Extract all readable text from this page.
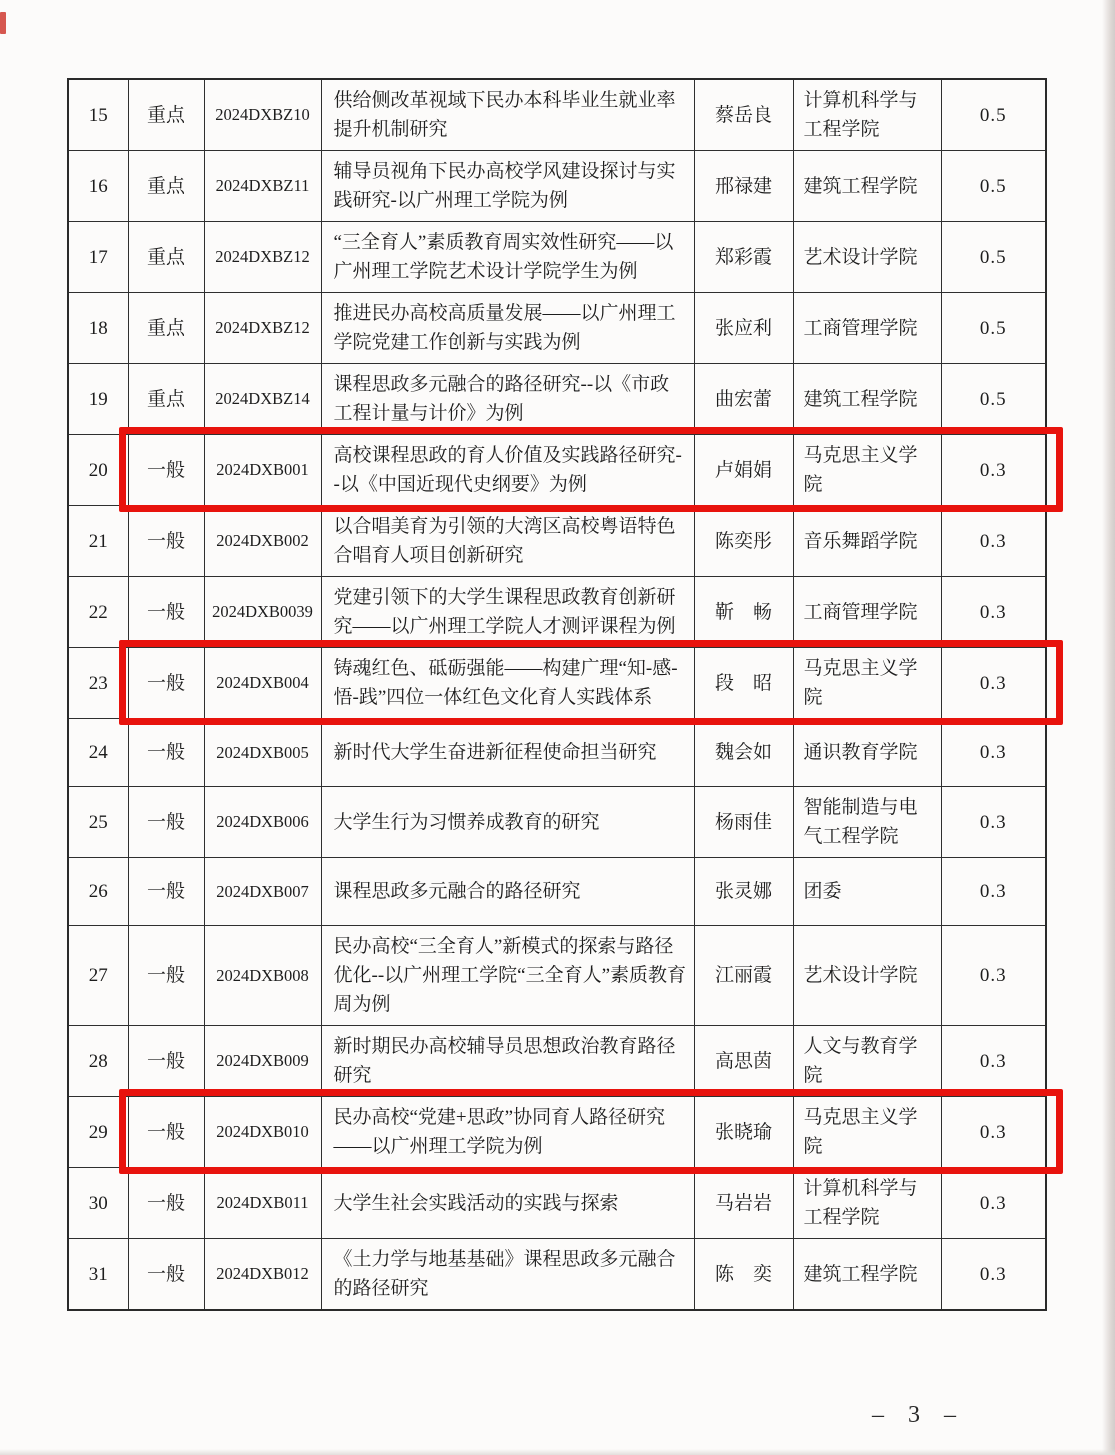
15	重点	2024DXBZ10	供给侧改革视域下民办本科毕业生就业率提升机制研究	蔡岳良	计算机科学与工程学院	0.5
16	重点	2024DXBZ11	辅导员视角下民办高校学风建设探讨与实践研究-以广州理工学院为例	邢禄建	建筑工程学院	0.5
17	重点	2024DXBZ12	“三全育人”素质教育周实效性研究——以广州理工学院艺术设计学院学生为例	郑彩霞	艺术设计学院	0.5
18	重点	2024DXBZ12	推进民办高校高质量发展——以广州理工学院党建工作创新与实践为例	张应利	工商管理学院	0.5
19	重点	2024DXBZ14	课程思政多元融合的路径研究--以《市政工程计量与计价》为例	曲宏蕾	建筑工程学院	0.5
20	一般	2024DXB001	高校课程思政的育人价值及实践路径研究--以《中国近现代史纲要》为例	卢娟娟	马克思主义学院	0.3
21	一般	2024DXB002	以合唱美育为引领的大湾区高校粤语特色合唱育人项目创新研究	陈奕彤	音乐舞蹈学院	0.3
22	一般	2024DXB0039	党建引领下的大学生课程思政教育创新研究——以广州理工学院人才测评课程为例	靳　畅	工商管理学院	0.3
23	一般	2024DXB004	铸魂红色、砥砺强能——构建广理“知-感-悟-践”四位一体红色文化育人实践体系	段　昭	马克思主义学院	0.3
24	一般	2024DXB005	新时代大学生奋进新征程使命担当研究	魏会如	通识教育学院	0.3
25	一般	2024DXB006	大学生行为习惯养成教育的研究	杨雨佳	智能制造与电气工程学院	0.3
26	一般	2024DXB007	课程思政多元融合的路径研究	张灵娜	团委	0.3
27	一般	2024DXB008	民办高校“三全育人”新模式的探索与路径优化--以广州理工学院“三全育人”素质教育周为例	江丽霞	艺术设计学院	0.3
28	一般	2024DXB009	新时期民办高校辅导员思想政治教育路径研究	高思茵	人文与教育学院	0.3
29	一般	2024DXB010	民办高校“党建+思政”协同育人路径研究——以广州理工学院为例	张晓瑜	马克思主义学院	0.3
30	一般	2024DXB011	大学生社会实践活动的实践与探索	马岩岩	计算机科学与工程学院	0.3
31	一般	2024DXB012	《土力学与地基基础》课程思政多元融合的路径研究	陈　奕	建筑工程学院	0.3
– 3 –
